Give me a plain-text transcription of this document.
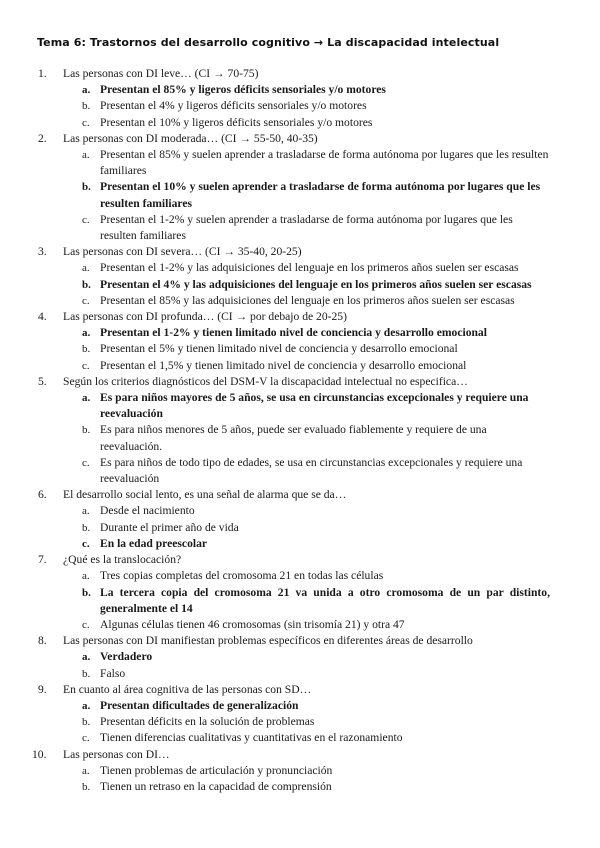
Tema 6: Trastornos del desarrollo cognitivo → La discapacidad intelectual
1.	Las personas con DI leve… (CI → 70-75)
a. Presentan el 85% y ligeros déficits sensoriales y/o motores
b. Presentan el 4% y ligeros déficits sensoriales y/o motores
c. Presentan el 10% y ligeros déficits sensoriales y/o motores
2.	Las personas con DI moderada… (CI → 55-50, 40-35)
a. Presentan el 85% y suelen aprender a trasladarse de forma autónoma por lugares que les resulten familiares
b. Presentan el 10% y suelen aprender a trasladarse de forma autónoma por lugares que les resulten familiares
c. Presentan el 1-2% y suelen aprender a trasladarse de forma autónoma por lugares que les resulten familiares
3.	Las personas con DI severa… (CI → 35-40, 20-25)
a. Presentan el 1-2% y las adquisiciones del lenguaje en los primeros años suelen ser escasas
b. Presentan el 4% y las adquisiciones del lenguaje en los primeros años suelen ser escasas
c. Presentan el 85% y las adquisiciones del lenguaje en los primeros años suelen ser escasas
4.	Las personas con DI profunda… (CI → por debajo de 20-25)
a. Presentan el 1-2% y tienen limitado nivel de conciencia y desarrollo emocional
b. Presentan el 5% y tienen limitado nivel de conciencia y desarrollo emocional
c. Presentan el 1,5% y tienen limitado nivel de conciencia y desarrollo emocional
5.	Según los criterios diagnósticos del DSM-V la discapacidad intelectual no especifica…
a. Es para niños mayores de 5 años, se usa en circunstancias excepcionales y requiere una reevaluación
b. Es para niños menores de 5 años, puede ser evaluado fiablemente y requiere de una reevaluación.
c. Es para niños de todo tipo de edades, se usa en circunstancias excepcionales y requiere una reevaluación
6.	El desarrollo social lento, es una señal de alarma que se da…
a. Desde el nacimiento
b. Durante el primer año de vida
c. En la edad preescolar
7.	¿Qué es la translocación?
a. Tres copias completas del cromosoma 21 en todas las células
b. La tercera copia del cromosoma 21 va unida a otro cromosoma de un par distinto, generalmente el 14
c. Algunas células tienen 46 cromosomas (sin trisomía 21) y otra 47
8.	Las personas con DI manifiestan problemas específicos en diferentes áreas de desarrollo
a. Verdadero
b. Falso
9.	En cuanto al área cognitiva de las personas con SD…
a. Presentan dificultades de generalización
b. Presentan déficits en la solución de problemas
c. Tienen diferencias cualitativas y cuantitativas en el razonamiento
10.	Las personas con DI…
a. Tienen problemas de articulación y pronunciación
b. Tienen un retraso en la capacidad de comprensión
